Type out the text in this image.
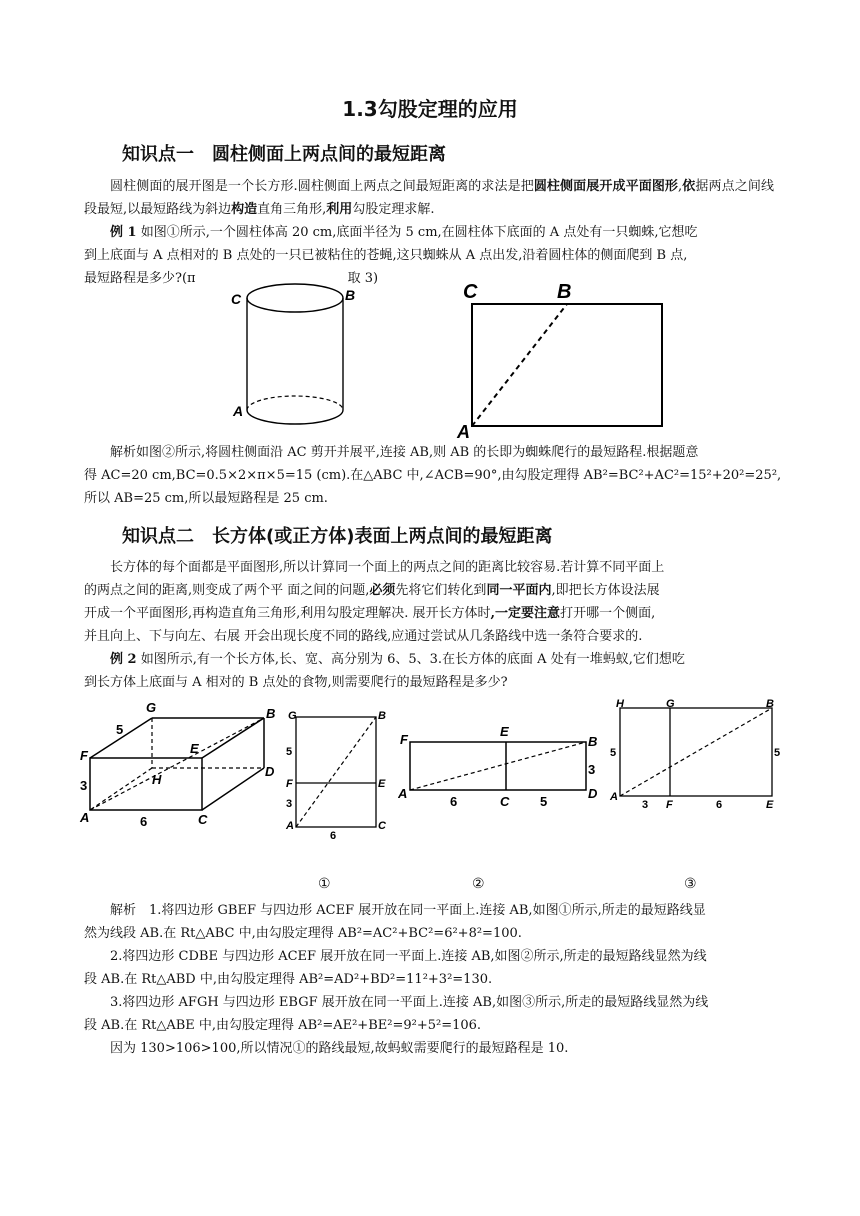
1.3勾股定理的应用
知识点一　圆柱侧面上两点间的最短距离
圆柱侧面的展开图是一个长方形.圆柱侧面上两点之间最短距离的求法是把圆柱侧面展开成平面图形,依据两点之间线段最短,以最短路线为斜边构造直角三角形,利用勾股定理求解.
例 1 如图①所示,一个圆柱体高 20 cm,底面半径为 5 cm,在圆柱体下底面的 A 点处有一只蜘蛛,它想吃
到上底面与 A 点相对的 B 点处的一只已被粘住的苍蝇,这只蜘蛛从 A 点出发,沿着圆柱体的侧面爬到 B 点,
最短路程是多少?(π	取 3)
C	B
A
C	B
A
解析如图②所示,将圆柱侧面沿 AC 剪开并展平,连接 AB,则 AB 的长即为蜘蛛爬行的最短路程.根据题意
得 AC=20 cm,BC=0.5×2×π×5=15 (cm).在△ABC 中,∠ACB=90°,由勾股定理得 AB²=BC²+AC²=15²+20²=25²,
所以 AB=25 cm,所以最短路程是 25 cm.
知识点二　长方体(或正方体)表面上两点间的最短距离
长方体的每个面都是平面图形,所以计算同一个面上的两点之间的距离比较容易.若计算不同平面上
的两点之间的距离,则变成了两个平 面之间的问题,必须先将它们转化到同一平面内,即把长方体设法展
开成一个平面图形,再构造直角三角形,利用勾股定理解决. 展开长方体时,一定要注意打开哪一个侧面,
并且向上、下与向左、右展 开会出现长度不同的路线,应通过尝试从几条路线中选一条符合要求的.
例 2 如图所示,有一个长方体,长、宽、高分别为 6、5、3.在长方体的底面 A 处有一堆蚂蚁,它们想吃
到长方体上底面与 A 相对的 B 点处的食物,则需要爬行的最短路程是多少?
G	B
F	E
H
D
A	C
5
3
6
G	B
F	E
A	C
5
3
6
F
E
B
A
C
D
6	5
3
H	G	B
A
F	E
5	5
3	6
①	②	③
解析　1.将四边形 GBEF 与四边形 ACEF 展开放在同一平面上.连接 AB,如图①所示,所走的最短路线显
然为线段 AB.在 Rt△ABC 中,由勾股定理得 AB²=AC²+BC²=6²+8²=100.
2.将四边形 CDBE 与四边形 ACEF 展开放在同一平面上.连接 AB,如图②所示,所走的最短路线显然为线
段 AB.在 Rt△ABD 中,由勾股定理得 AB²=AD²+BD²=11²+3²=130.
3.将四边形 AFGH 与四边形 EBGF 展开放在同一平面上.连接 AB,如图③所示,所走的最短路线显然为线
段 AB.在 Rt△ABE 中,由勾股定理得 AB²=AE²+BE²=9²+5²=106.
因为 130>106>100,所以情况①的路线最短,故蚂蚁需要爬行的最短路程是 10.
